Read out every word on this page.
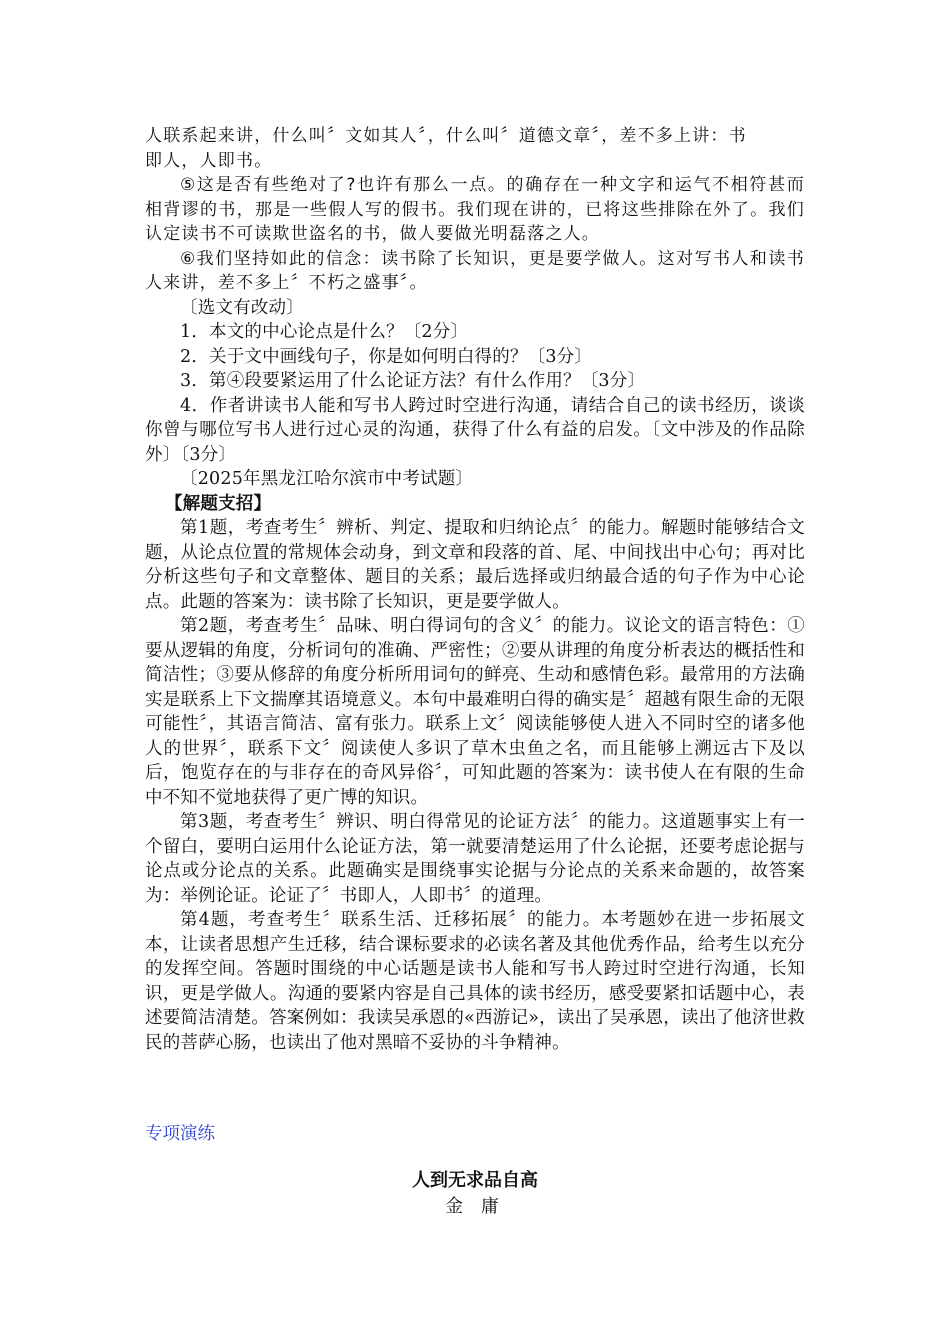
人联系起来讲，什么叫〞文如其人〞，什么叫〞道德文章〞，差不多上讲：书

即人，人即书。

⑤这是否有些绝对了?也许有那么一点。的确存在一种文字和运气不相符甚而相背谬的书，那是一些假人写的假书。我们现在讲的，已将这些排除在外了。我们认定读书不可读欺世盗名的书，做人要做光明磊落之人。

⑥我们坚持如此的信念：读书除了长知识，更是要学做人。这对写书人和读书人来讲，差不多上〞不朽之盛事〞。

〔选文有改动〕

1．本文的中心论点是什么？〔2分〕

2．关于文中画线句子，你是如何明白得的？〔3分〕

3．第④段要紧运用了什么论证方法？有什么作用？〔3分〕

4．作者讲读书人能和写书人跨过时空进行沟通，请结合自己的读书经历，谈谈你曾与哪位写书人进行过心灵的沟通，获得了什么有益的启发。〔文中涉及的作品除外〕〔3分〕

〔2025年黑龙江哈尔滨市中考试题〕

【解题支招】

第1题，考查考生〞辨析、判定、提取和归纳论点〞的能力。解题时能够结合文题，从论点位置的常规体会动身，到文章和段落的首、尾、中间找出中心句；再对比分析这些句子和文章整体、题目的关系；最后选择或归纳最合适的句子作为中心论点。此题的答案为：读书除了长知识，更是要学做人。

第2题，考查考生〞品味、明白得词句的含义〞的能力。议论文的语言特色：①要从逻辑的角度，分析词句的准确、严密性；②要从讲理的角度分析表达的概括性和简洁性；③要从修辞的角度分析所用词句的鲜亮、生动和感情色彩。最常用的方法确实是联系上下文揣摩其语境意义。本句中最难明白得的确实是〞超越有限生命的无限可能性〞，其语言简洁、富有张力。联系上文〞阅读能够使人进入不同时空的诸多他人的世界〞，联系下文〞阅读使人多识了草木虫鱼之名，而且能够上溯远古下及以后，饱览存在的与非存在的奇风异俗〞，可知此题的答案为：读书使人在有限的生命中不知不觉地获得了更广博的知识。

第3题，考查考生〞辨识、明白得常见的论证方法〞的能力。这道题事实上有一个留白，要明白运用什么论证方法，第一就要清楚运用了什么论据，还要考虑论据与论点或分论点的关系。此题确实是围绕事实论据与分论点的关系来命题的，故答案为：举例论证。论证了〞书即人，人即书〞的道理。

第4题，考查考生〞联系生活、迁移拓展〞的能力。本考题妙在进一步拓展文本，让读者思想产生迁移，结合课标要求的必读名著及其他优秀作品，给考生以充分的发挥空间。答题时围绕的中心话题是读书人能和写书人跨过时空进行沟通，长知识，更是学做人。沟通的要紧内容是自己具体的读书经历，感受要紧扣话题中心，表述要简洁清楚。答案例如：我读吴承恩的«西游记»，读出了吴承恩，读出了他济世救民的菩萨心肠，也读出了他对黑暗不妥协的斗争精神。

专项演练
人到无求品自高
金 庸
